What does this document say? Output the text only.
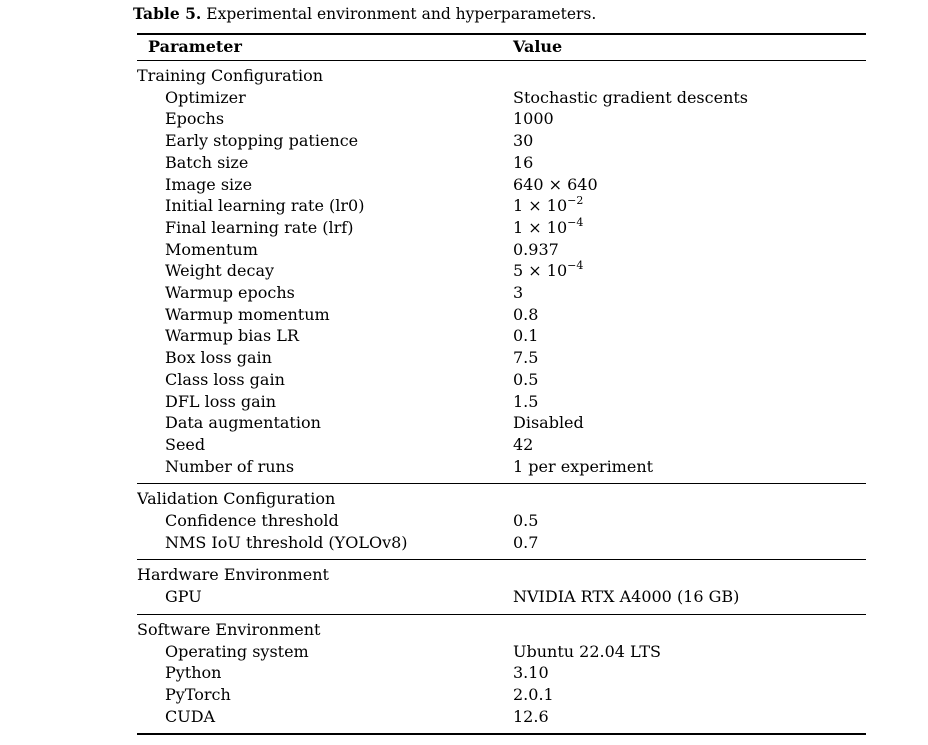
Table 5. Experimental environment and hyperparameters.

Parameter	Value
Training Configuration	
Optimizer	Stochastic gradient descents
Epochs	1000
Early stopping patience	30
Batch size	16
Image size	640 × 640
Initial learning rate (lr0)	$1 \times 10^{-2}$
Final learning rate (lrf)	$1 \times 10^{-4}$
Momentum	0.937
Weight decay	$5 \times 10^{-4}$
Warmup epochs	3
Warmup momentum	0.8
Warmup bias LR	0.1
Box loss gain	7.5
Class loss gain	0.5
DFL loss gain	1.5
Data augmentation	Disabled
Seed	42
Number of runs	1 per experiment
Validation Configuration	
Confidence threshold	0.5
NMS IoU threshold (YOLOv8)	0.7
Hardware Environment	
GPU	NVIDIA RTX A4000 (16 GB)
Software Environment	
Operating system	Ubuntu 22.04 LTS
Python	3.10
PyTorch	2.0.1
CUDA	12.6
